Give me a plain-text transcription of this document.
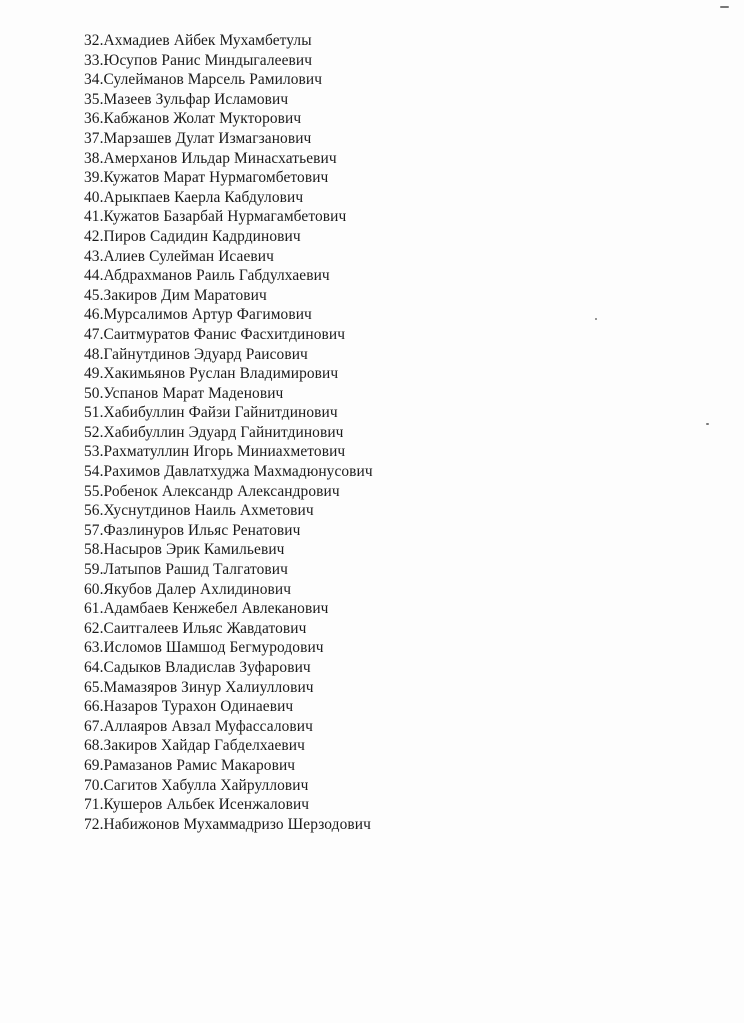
32.Ахмадиев Айбек Мухамбетулы
33.Юсупов Ранис Миндыгалеевич
34.Сулейманов Марсель Рамилович
35.Мазеев Зульфар Исламович
36.Кабжанов Жолат Мукторович
37.Марзашев Дулат Измагзанович
38.Амерханов Ильдар Минасхатьевич
39.Кужатов Марат Нурмагомбетович
40.Арыкпаев Каерла Кабдулович
41.Кужатов Базарбай Нурмагамбетович
42.Пиров Садидин Кадрдинович
43.Алиев Сулейман Исаевич
44.Абдрахманов Раиль Габдулхаевич
45.Закиров Дим Маратович
46.Мурсалимов Артур Фагимович
47.Саитмуратов Фанис Фасхитдинович
48.Гайнутдинов Эдуард Раисович
49.Хакимьянов Руслан Владимирович
50.Успанов Марат Маденович
51.Хабибуллин Файзи Гайнитдинович
52.Хабибуллин Эдуард Гайнитдинович
53.Рахматуллин Игорь Миниахметович
54.Рахимов Давлатхуджа Махмадюнусович
55.Робенок Александр Александрович
56.Хуснутдинов Наиль Ахметович
57.Фазлинуров Ильяс Ренатович
58.Насыров Эрик Камильевич
59.Латыпов Рашид Талгатович
60.Якубов Далер Ахлидинович
61.Адамбаев Кенжебел Авлеканович
62.Саитгалеев Ильяс Жавдатович
63.Исломов Шамшод Бегмуродович
64.Садыков Владислав Зуфарович
65.Мамазяров Зинур Халиуллович
66.Назаров Турахон Одинаевич
67.Аллаяров Авзал Муфассалович
68.Закиров Хайдар Габделхаевич
69.Рамазанов Рамис Макарович
70.Сагитов Хабулла Хайруллович
71.Кушеров Альбек Исенжалович
72.Набижонов Мухаммадризо Шерзодович
